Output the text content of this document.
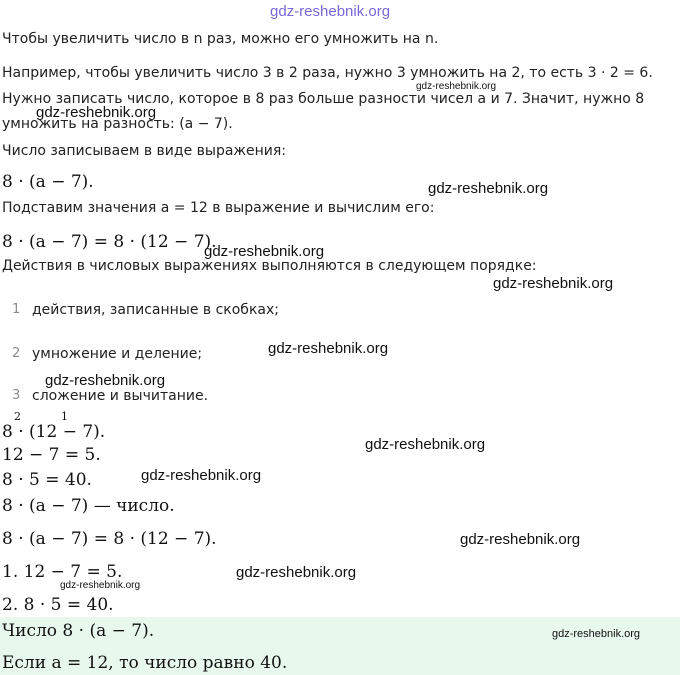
gdz-reshebnik.org
Чтобы увеличить число в n раз, можно его умножить на n.
Например, чтобы увеличить число 3 в 2 раза, нужно 3 умножить на 2, то есть 3 · 2 = 6.
gdz-reshebnik.org
Нужно записать число, которое в 8 раз больше разности чисел a и 7. Значит, нужно 8
gdz-reshebnik.org
умножить на разность: (a − 7).
Число записываем в виде выражения:
8 · (a − 7).	gdz-reshebnik.org
Подставим значения a = 12 в выражение и вычислим его:
8 · (a − 7) = 8 · (12 − 7).
gdz-reshebnik.org
Действия в числовых выражениях выполняются в следующем порядке:
gdz-reshebnik.org
1 действия, записанные в скобках;
2 умножение и деление;	gdz-reshebnik.org
gdz-reshebnik.org
3 сложение и вычитание.
2	1
8 · (12 − 7).
gdz-reshebnik.org
12 − 7 = 5.
gdz-reshebnik.org
8 · 5 = 40.
8 · (a − 7) — число.
8 · (a − 7) = 8 · (12 − 7).	gdz-reshebnik.org
1. 12 − 7 = 5.	gdz-reshebnik.org
gdz-reshebnik.org
2. 8 · 5 = 40.
Число 8 · (a − 7).	gdz-reshebnik.org
Если a = 12, то число равно 40.
